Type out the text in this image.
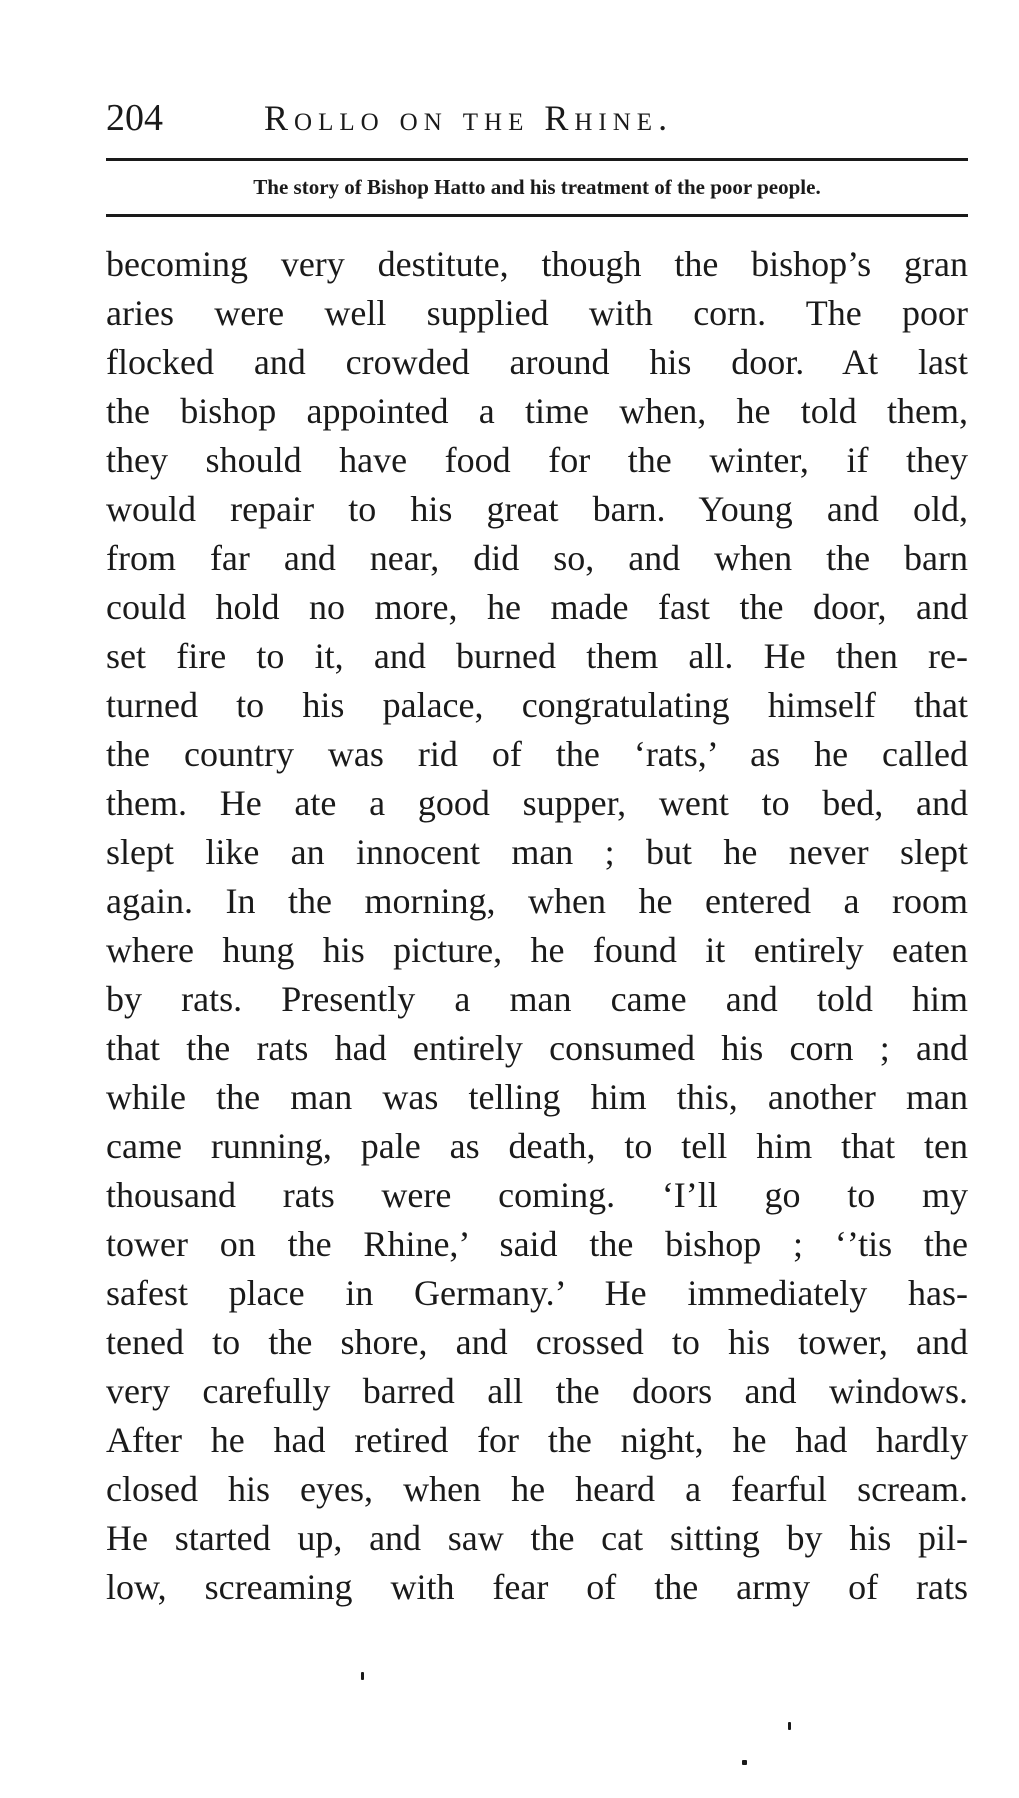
204	Rollo on the Rhine.
The story of Bishop Hatto and his treatment of the poor people.
becoming very destitute, though the bishop’s gran
aries were well supplied with corn. The poor
flocked and crowded around his door. At last
the bishop appointed a time when, he told them,
they should have food for the winter, if they
would repair to his great barn. Young and old,
from far and near, did so, and when the barn
could hold no more, he made fast the door, and
set fire to it, and burned them all. He then re-
turned to his palace, congratulating himself that
the country was rid of the ‘rats,’ as he called
them. He ate a good supper, went to bed, and
slept like an innocent man ; but he never slept
again. In the morning, when he entered a room
where hung his picture, he found it entirely eaten
by rats. Presently a man came and told him
that the rats had entirely consumed his corn ; and
while the man was telling him this, another man
came running, pale as death, to tell him that ten
thousand rats were coming. ‘I’ll go to my
tower on the Rhine,’ said the bishop ; ‘’tis the
safest place in Germany.’ He immediately has-
tened to the shore, and crossed to his tower, and
very carefully barred all the doors and windows.
After he had retired for the night, he had hardly
closed his eyes, when he heard a fearful scream.
He started up, and saw the cat sitting by his pil-
low, screaming with fear of the army of rats
